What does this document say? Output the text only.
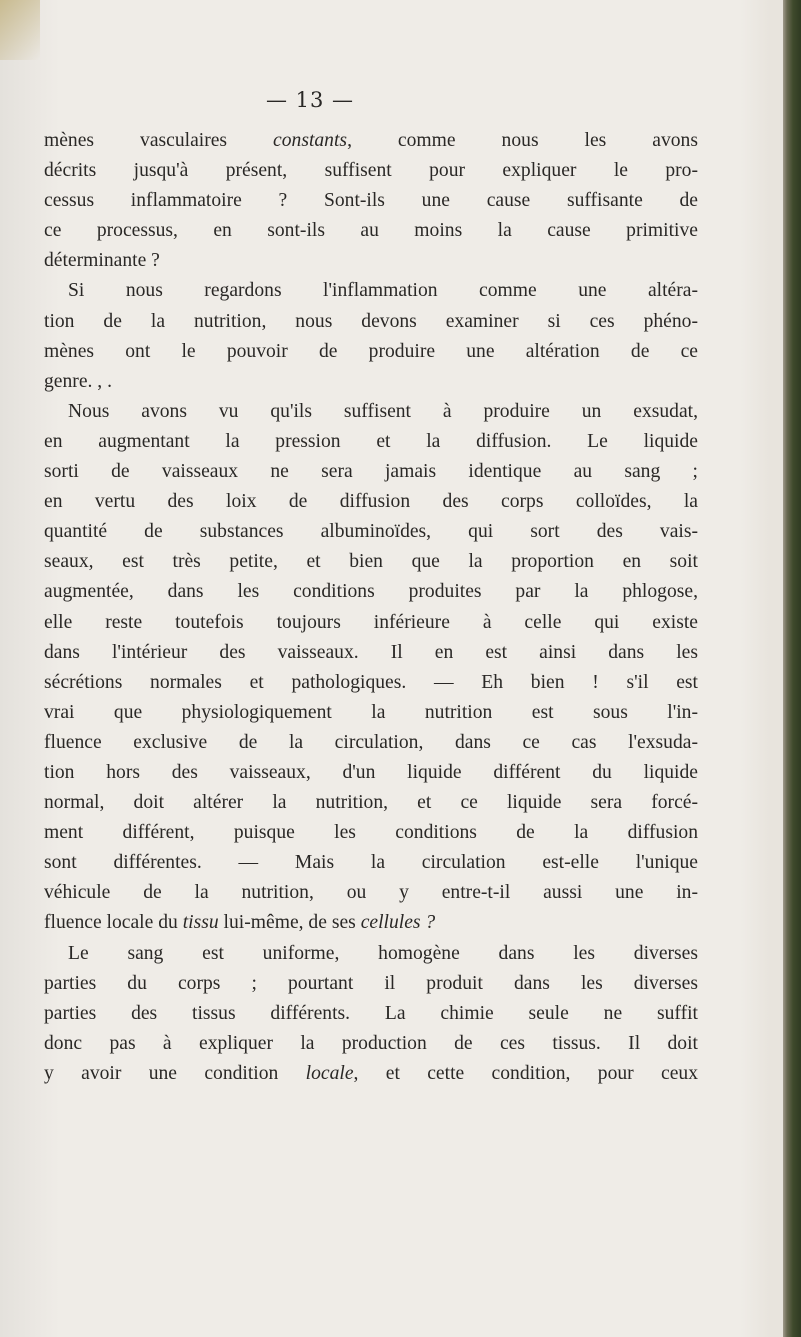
— 13 —
mènes vasculaires constants, comme nous les avons
décrits jusqu'à présent, suffisent pour expliquer le pro-
cessus inflammatoire ? Sont-ils une cause suffisante de
ce processus, en sont-ils au moins la cause primitive
déterminante ?
Si nous regardons l'inflammation comme une altéra-
tion de la nutrition, nous devons examiner si ces phéno-
mènes ont le pouvoir de produire une altération de ce
genre. , .
Nous avons vu qu'ils suffisent à produire un exsudat,
en augmentant la pression et la diffusion. Le liquide
sorti de vaisseaux ne sera jamais identique au sang ;
en vertu des loix de diffusion des corps colloïdes, la
quantité de substances albuminoïdes, qui sort des vais-
seaux, est très petite, et bien que la proportion en soit
augmentée, dans les conditions produites par la phlogose,
elle reste toutefois toujours inférieure à celle qui existe
dans l'intérieur des vaisseaux. Il en est ainsi dans les
sécrétions normales et pathologiques. — Eh bien ! s'il est
vrai que physiologiquement la nutrition est sous l'in-
fluence exclusive de la circulation, dans ce cas l'exsuda-
tion hors des vaisseaux, d'un liquide différent du liquide
normal, doit altérer la nutrition, et ce liquide sera forcé-
ment différent, puisque les conditions de la diffusion
sont différentes. — Mais la circulation est-elle l'unique
véhicule de la nutrition, ou y entre-t-il aussi une in-
fluence locale du tissu lui-même, de ses cellules ?
Le sang est uniforme, homogène dans les diverses
parties du corps ; pourtant il produit dans les diverses
parties des tissus différents. La chimie seule ne suffit
donc pas à expliquer la production de ces tissus. Il doit
y avoir une condition locale, et cette condition, pour ceux
